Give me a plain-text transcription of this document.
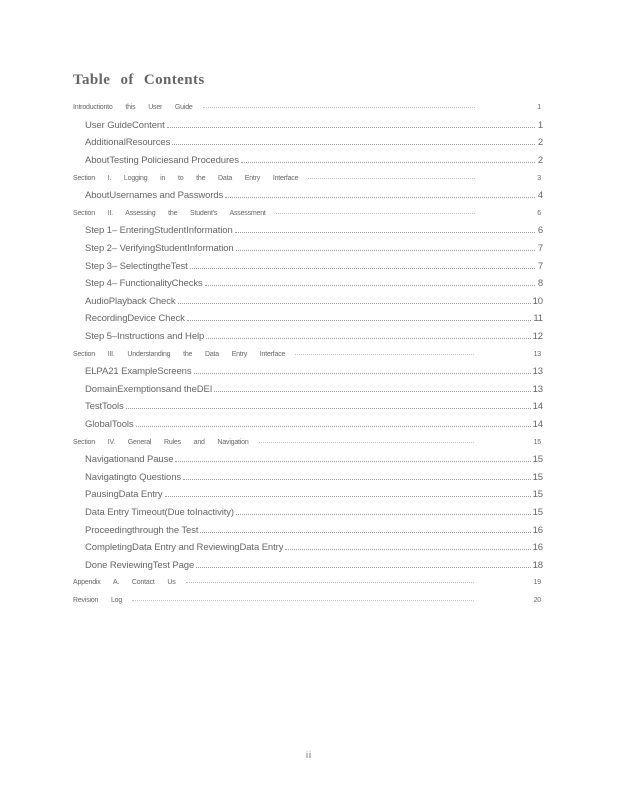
Table of Contents
Introductionto this User Guide	1
User GuideContent	1
AdditionalResources	2
AboutTesting Policiesand Procedures	2
Section I. Logging in to the Data Entry Interface	3
AboutUsernames and Passwords	4
Section II. Assessing the Student's Assessment	6
Step 1– EnteringStudentInformation	6
Step 2– VerifyingStudentInformation	7
Step 3– SelectingtheTest	7
Step 4– FunctionalityChecks	8
AudioPlayback Check	10
RecordingDevice Check	11
Step 5–Instructions and Help	12
Section III. Understanding the Data Entry Interface	13
ELPA21 ExampleScreens	13
DomainExemptionsand theDEI	13
TestTools	14
GlobalTools	14
Section IV. General Rules and Navigation	15
Navigationand Pause	15
Navigatingto Questions	15
PausingData Entry	15
Data Entry Timeout(Due toInactivity)	15
Proceedingthrough the Test	16
CompletingData Entry and ReviewingData Entry	16
Done ReviewingTest Page	18
Appendix A. Contact Us	19
Revision Log	20
ii
